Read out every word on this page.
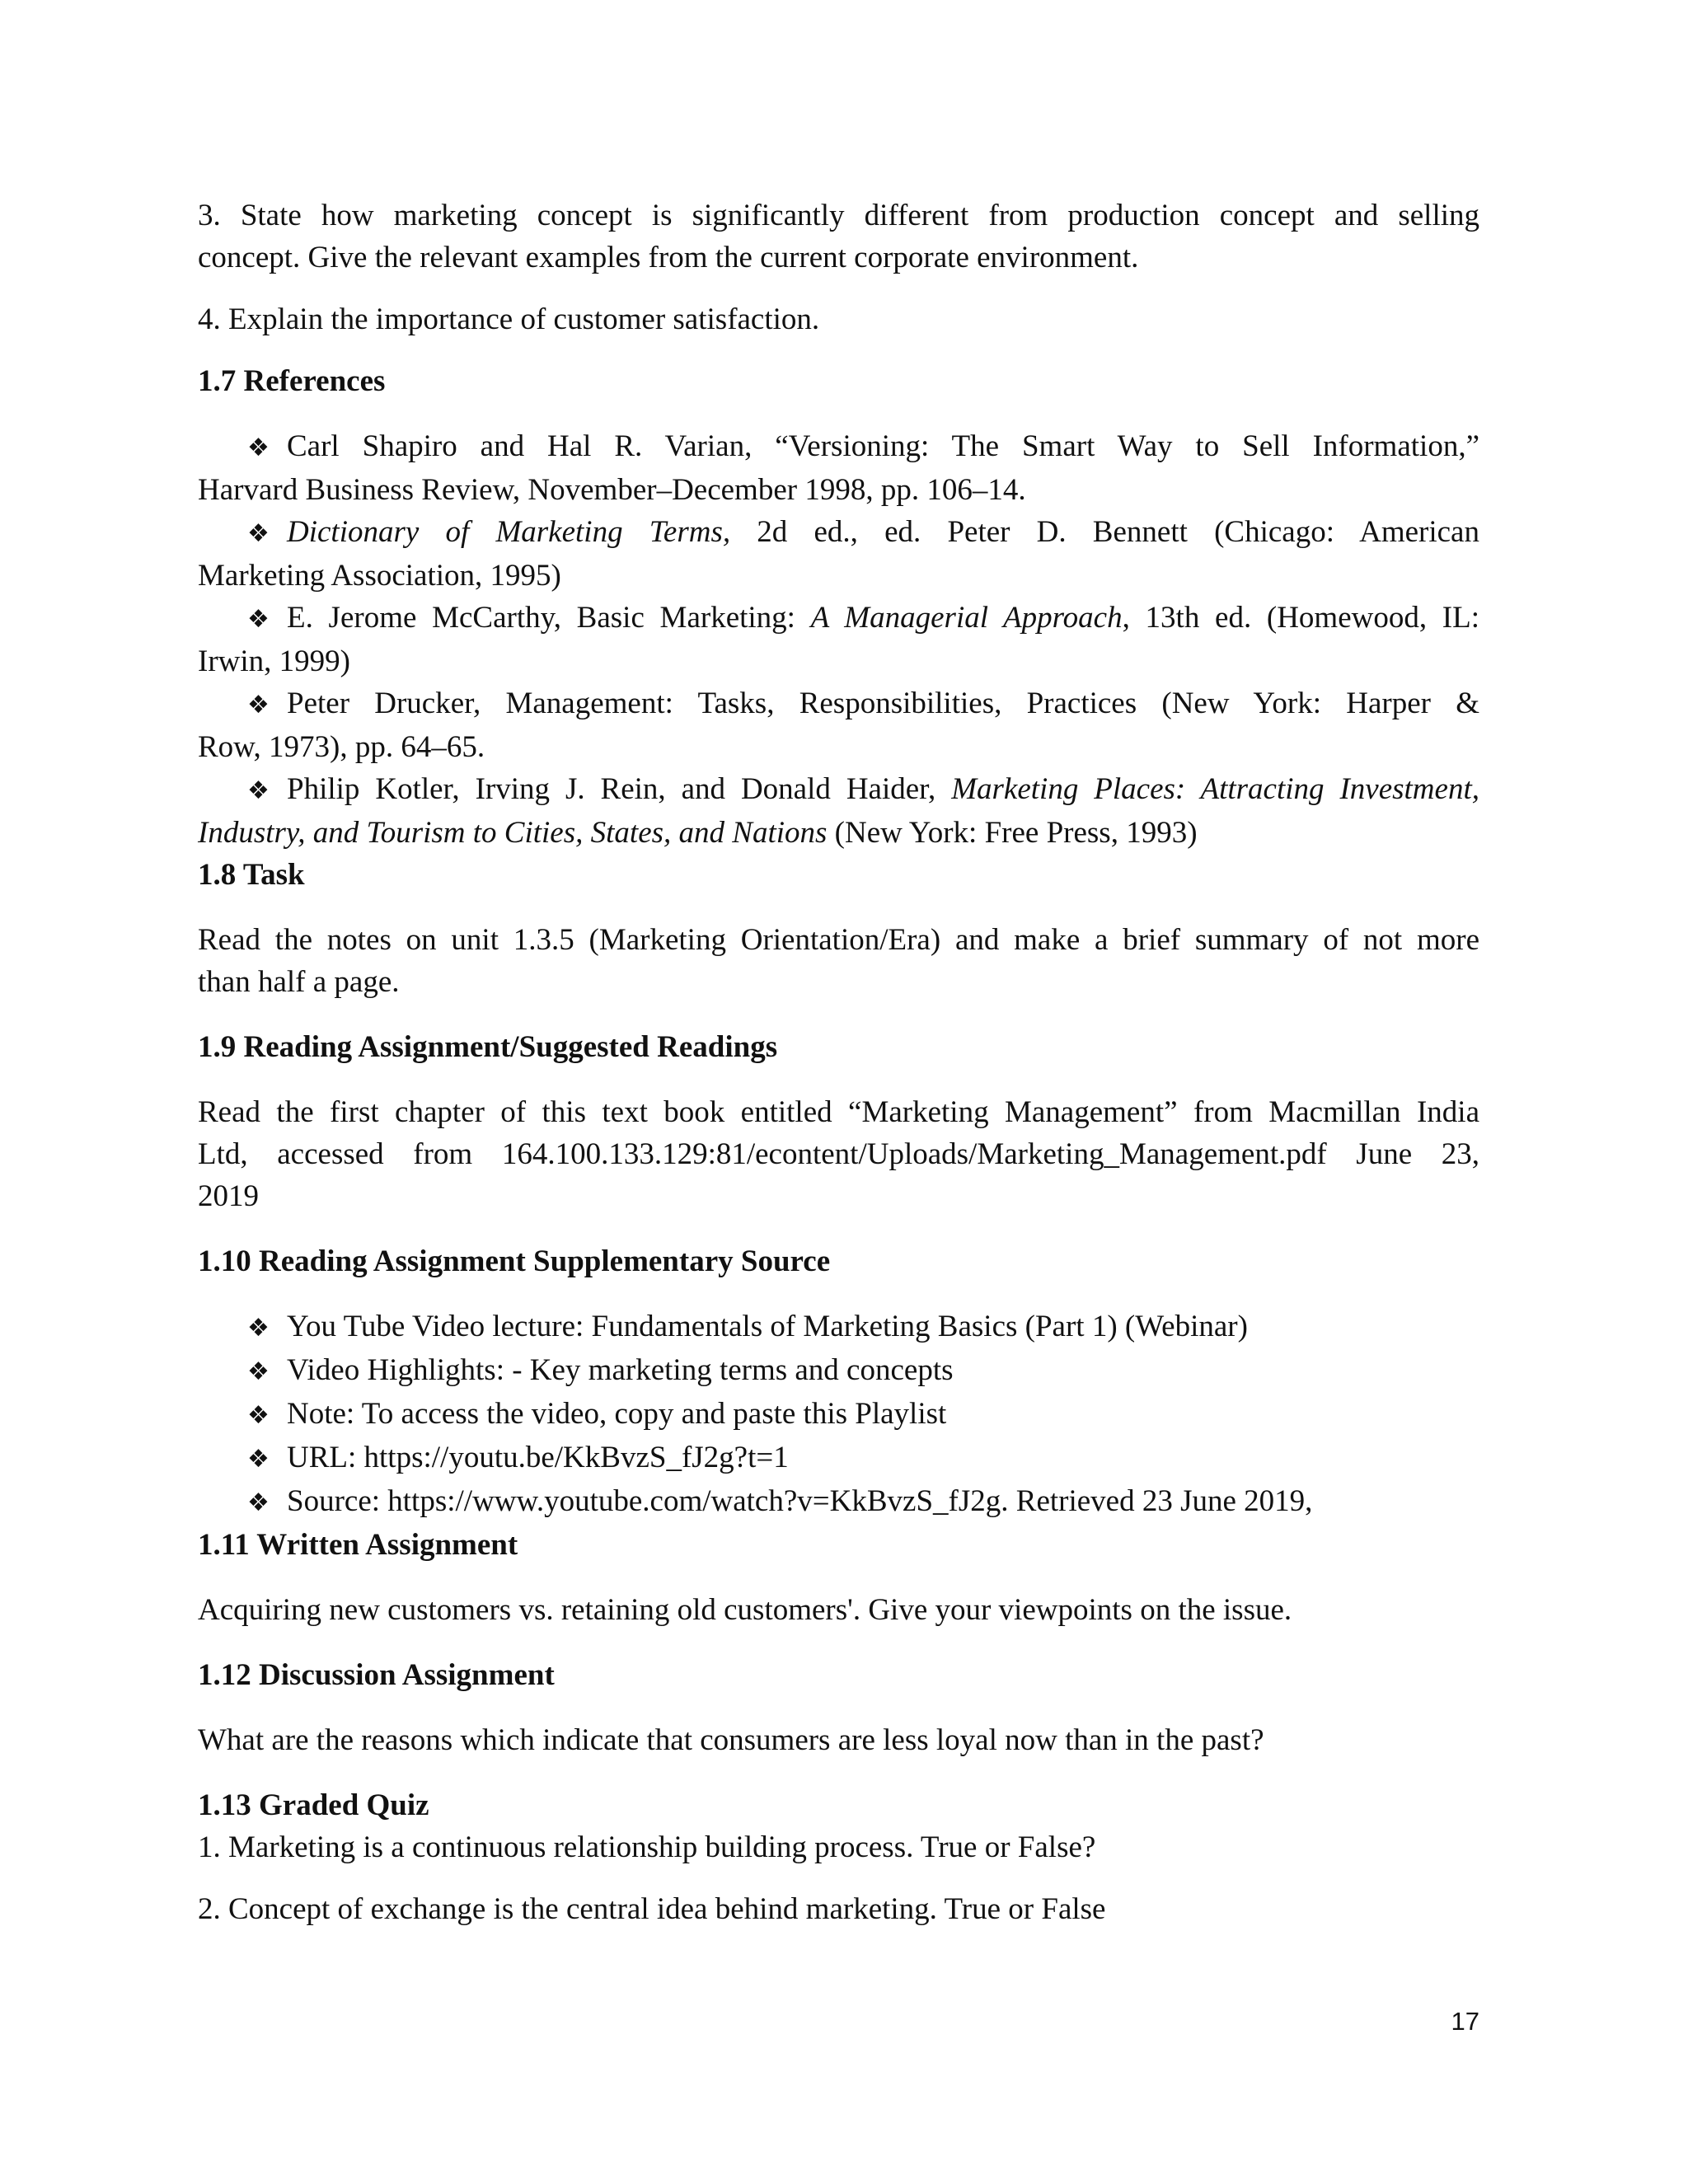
3. State how marketing concept is significantly different from production concept and selling

concept. Give the relevant examples from the current corporate environment.

4. Explain the importance of customer satisfaction.

1.7 References

❖ Carl Shapiro and Hal R. Varian, “Versioning: The Smart Way to Sell Information,”

Harvard Business Review, November–December 1998, pp. 106–14.

❖ Dictionary of Marketing Terms, 2d ed., ed. Peter D. Bennett (Chicago: American

Marketing Association, 1995)

❖ E. Jerome McCarthy, Basic Marketing: A Managerial Approach, 13th ed. (Homewood, IL:

Irwin, 1999)

❖ Peter Drucker, Management: Tasks, Responsibilities, Practices (New York: Harper &

Row, 1973), pp. 64–65.

❖ Philip Kotler, Irving J. Rein, and Donald Haider, Marketing Places: Attracting Investment,

Industry, and Tourism to Cities, States, and Nations (New York: Free Press, 1993)

1.8 Task

Read the notes on unit 1.3.5 (Marketing Orientation/Era) and make a brief summary of not more

than half a page.

1.9 Reading Assignment/Suggested Readings

Read the first chapter of this text book entitled “Marketing Management” from Macmillan India

Ltd, accessed from 164.100.133.129:81/econtent/Uploads/Marketing_Management.pdf June 23,

2019

1.10 Reading Assignment Supplementary Source

❖ You Tube Video lecture: Fundamentals of Marketing Basics (Part 1) (Webinar)

❖ Video Highlights: - Key marketing terms and concepts

❖ Note: To access the video, copy and paste this Playlist

❖ URL: https://youtu.be/KkBvzS_fJ2g?t=1

❖ Source: https://www.youtube.com/watch?v=KkBvzS_fJ2g. Retrieved 23 June 2019,

1.11 Written Assignment

Acquiring new customers vs. retaining old customers'. Give your viewpoints on the issue.

1.12 Discussion Assignment

What are the reasons which indicate that consumers are less loyal now than in the past?

1.13 Graded Quiz

1. Marketing is a continuous relationship building process. True or False?

2. Concept of exchange is the central idea behind marketing. True or False

17
